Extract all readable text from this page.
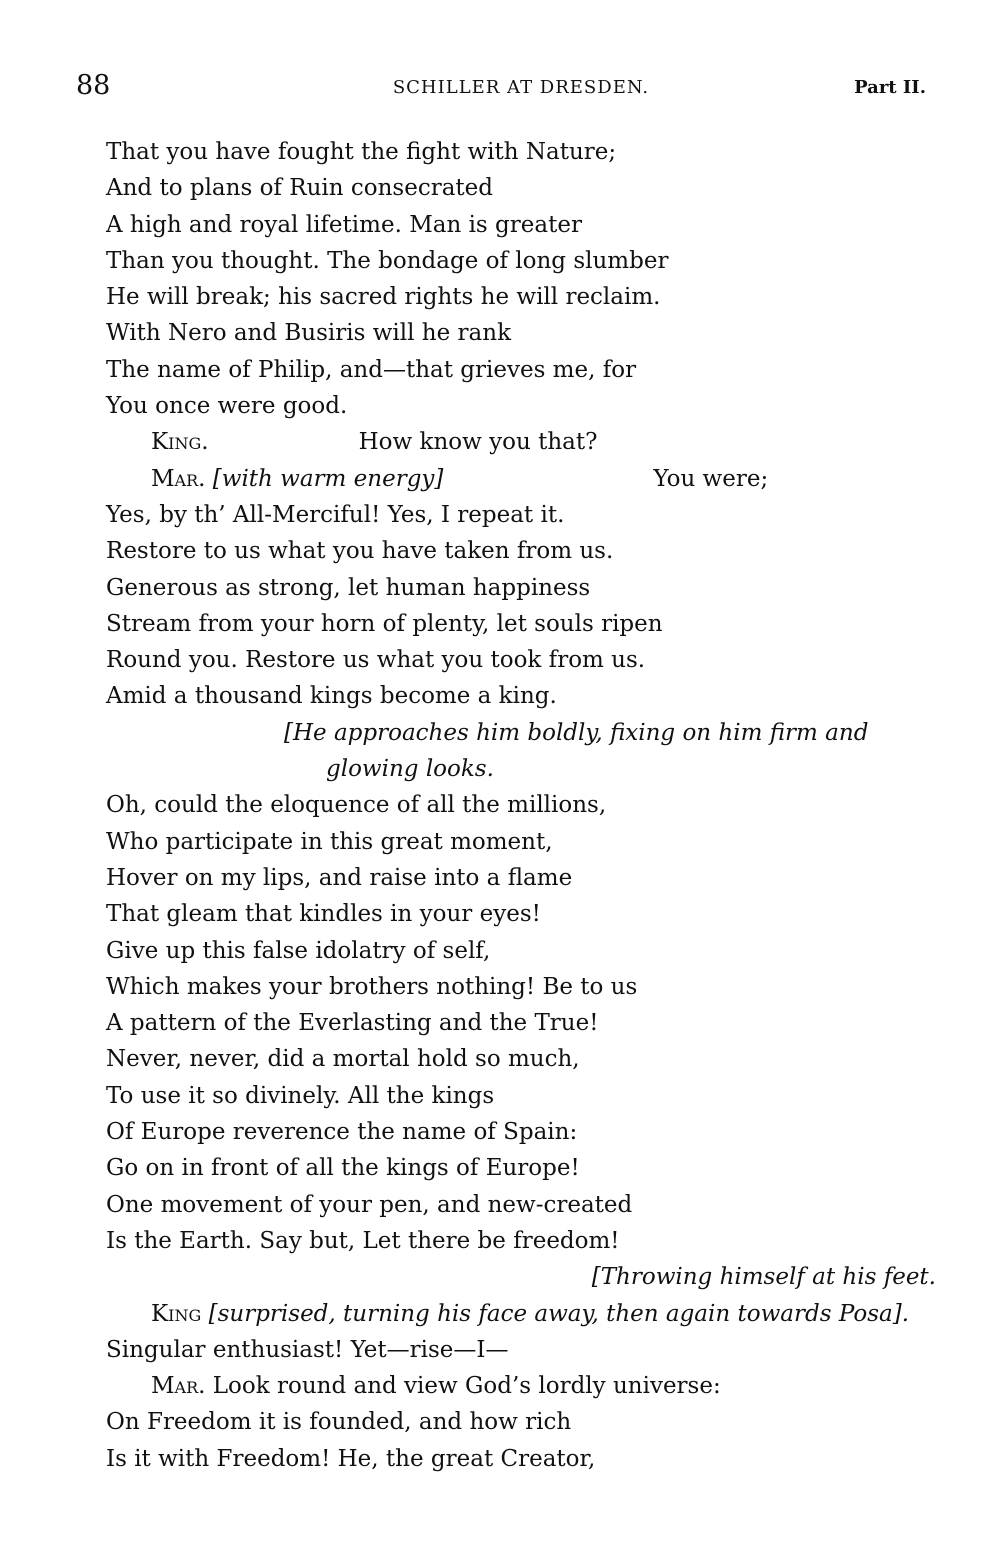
88	SCHILLER AT DRESDEN.	Part II.
That you have fought the fight with Nature;
And to plans of Ruin consecrated
A high and royal lifetime. Man is greater
Than you thought. The bondage of long slumber
He will break; his sacred rights he will reclaim.
With Nero and Busiris will he rank
The name of Philip, and—that grieves me, for
You once were good.
King.	How know you that?
Mar. [with warm energy]	You were;
Yes, by th’ All-Merciful! Yes, I repeat it.
Restore to us what you have taken from us.
Generous as strong, let human happiness
Stream from your horn of plenty, let souls ripen
Round you. Restore us what you took from us.
Amid a thousand kings become a king.
[He approaches him boldly, fixing on him firm and
glowing looks.
Oh, could the eloquence of all the millions,
Who participate in this great moment,
Hover on my lips, and raise into a flame
That gleam that kindles in your eyes!
Give up this false idolatry of self,
Which makes your brothers nothing! Be to us
A pattern of the Everlasting and the True!
Never, never, did a mortal hold so much,
To use it so divinely. All the kings
Of Europe reverence the name of Spain:
Go on in front of all the kings of Europe!
One movement of your pen, and new-created
Is the Earth. Say but, Let there be freedom!
[Throwing himself at his feet.
King [surprised, turning his face away, then again towards Posa].
Singular enthusiast! Yet—rise—I—
Mar. Look round and view God’s lordly universe:
On Freedom it is founded, and how rich
Is it with Freedom! He, the great Creator,
